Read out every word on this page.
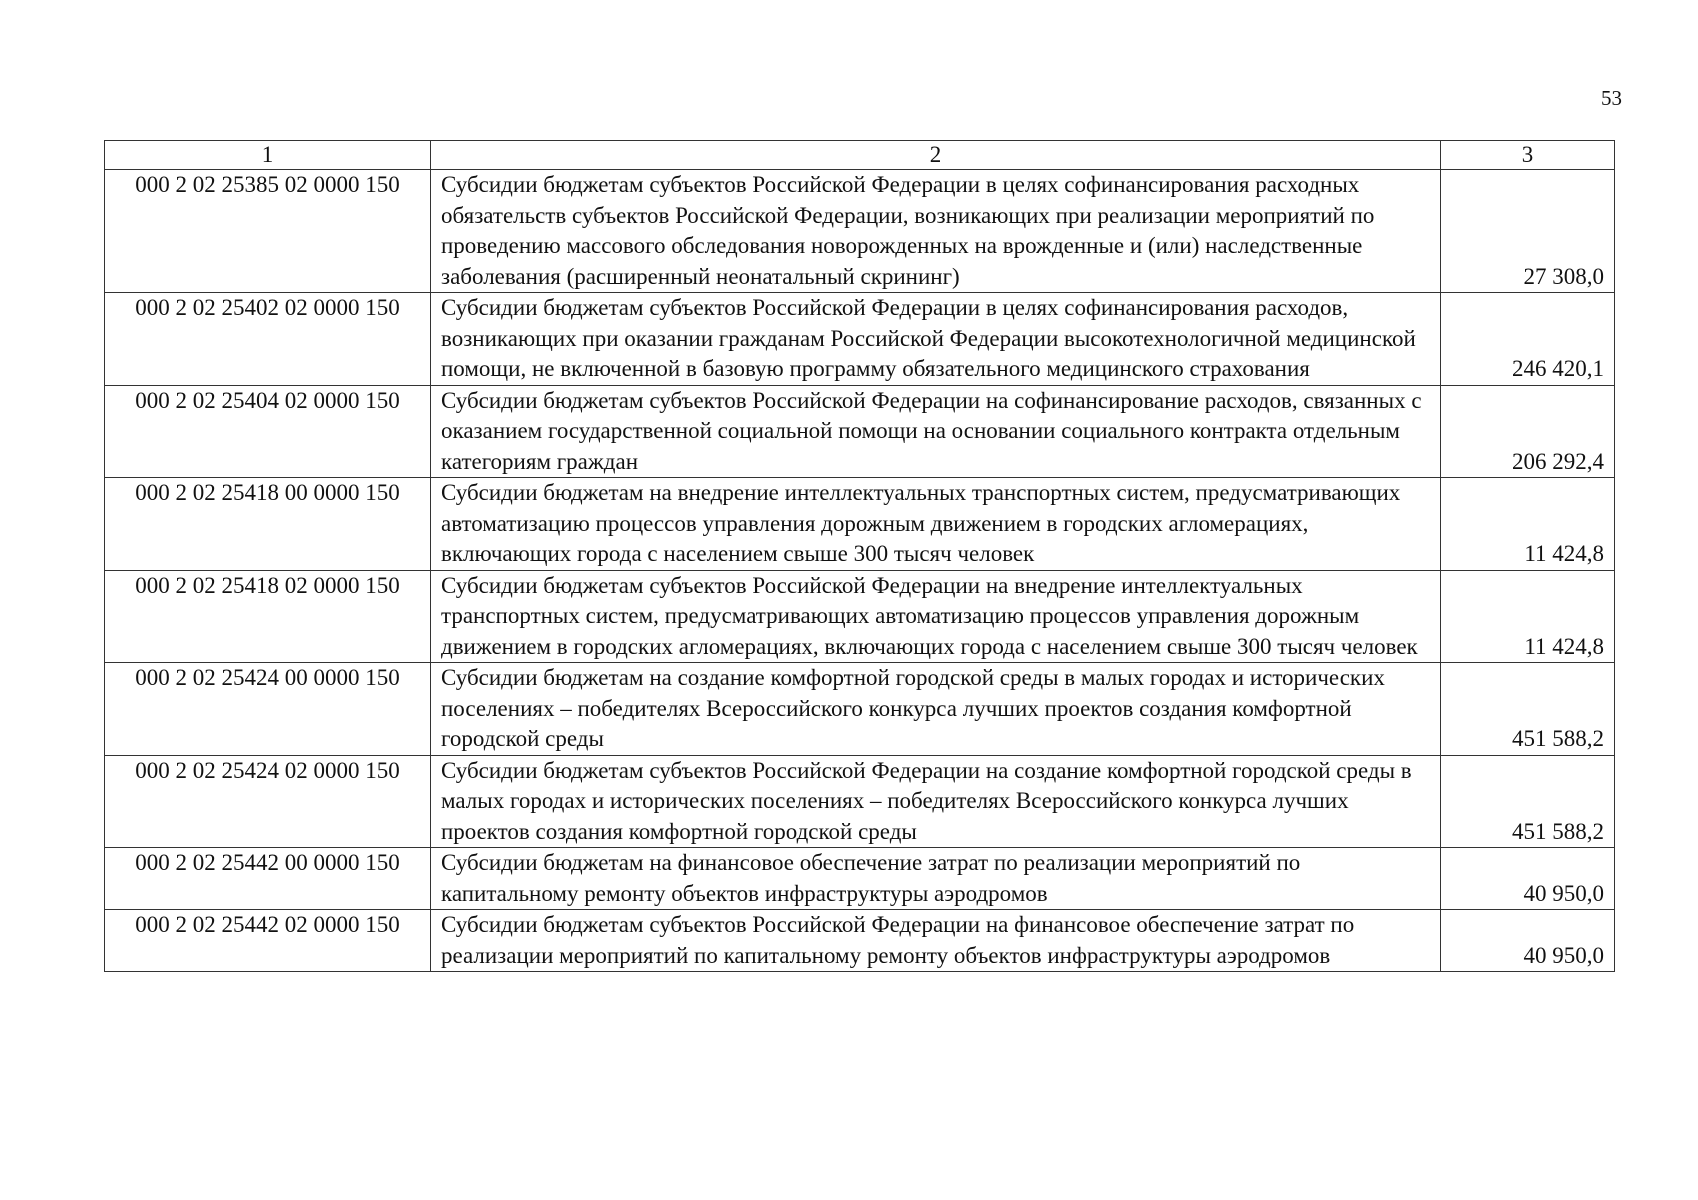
53
1	2	3
000 2 02 25385 02 0000 150	Субсидии бюджетам субъектов Российской Федерации в целях софинансирования расходных обязательств субъектов Российской Федерации, возникающих при реализации мероприятий по проведению массового обследования новорожденных на врожденные и (или) наследственные заболевания (расширенный неонатальный скрининг)	27 308,0
000 2 02 25402 02 0000 150	Субсидии бюджетам субъектов Российской Федерации в целях софинансирования расходов, возникающих при оказании гражданам Российской Федерации высокотехнологичной медицинской помощи, не включенной в базовую программу обязательного медицинского страхования	246 420,1
000 2 02 25404 02 0000 150	Субсидии бюджетам субъектов Российской Федерации на софинансирование расходов, связанных с оказанием государственной социальной помощи на основании социального контракта отдельным категориям граждан	206 292,4
000 2 02 25418 00 0000 150	Субсидии бюджетам на внедрение интеллектуальных транспортных систем, предусматривающих автоматизацию процессов управления дорожным движением в городских агломерациях, включающих города с населением свыше 300 тысяч человек	11 424,8
000 2 02 25418 02 0000 150	Субсидии бюджетам субъектов Российской Федерации на внедрение интеллектуальных транспортных систем, предусматривающих автоматизацию процессов управления дорожным движением в городских агломерациях, включающих города с населением свыше 300 тысяч человек	11 424,8
000 2 02 25424 00 0000 150	Субсидии бюджетам на создание комфортной городской среды в малых городах и исторических поселениях – победителях Всероссийского конкурса лучших проектов создания комфортной городской среды	451 588,2
000 2 02 25424 02 0000 150	Субсидии бюджетам субъектов Российской Федерации на создание комфортной городской среды в малых городах и исторических поселениях – победителях Всероссийского конкурса лучших проектов создания комфортной городской среды	451 588,2
000 2 02 25442 00 0000 150	Субсидии бюджетам на финансовое обеспечение затрат по реализации мероприятий по капитальному ремонту объектов инфраструктуры аэродромов	40 950,0
000 2 02 25442 02 0000 150	Субсидии бюджетам субъектов Российской Федерации на финансовое обеспечение затрат по реализации мероприятий по капитальному ремонту объектов инфраструктуры аэродромов	40 950,0
